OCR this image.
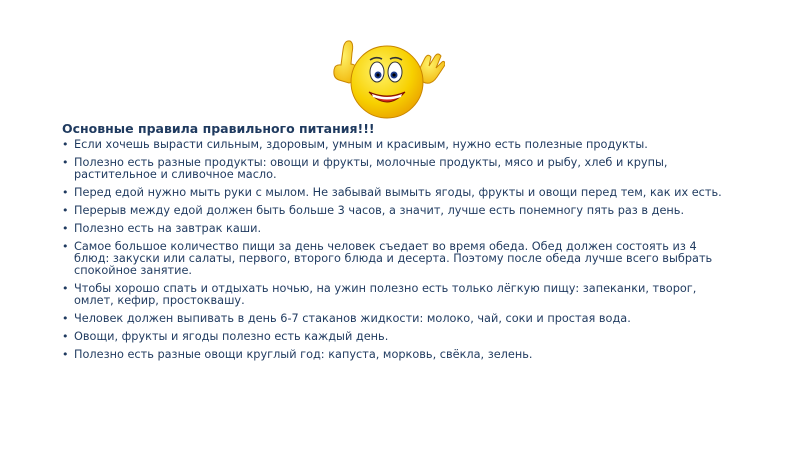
Основные правила правильного питания!!!
• Если хочешь вырасти сильным, здоровым, умным и красивым, нужно есть полезные продукты.
• Полезно есть разные продукты: овощи и фрукты, молочные продукты, мясо и рыбу, хлеб и крупы, растительное и сливочное масло.
• Перед едой нужно мыть руки с мылом. Не забывай вымыть ягоды, фрукты и овощи перед тем, как их есть.
• Перерыв между едой должен быть больше 3 часов, а значит, лучше есть понемногу пять раз в день.
• Полезно есть на завтрак каши.
• Самое большое количество пищи за день человек съедает во время обеда. Обед должен состоять из 4 блюд: закуски или салаты, первого, второго блюда и десерта. Поэтому после обеда лучше всего выбрать спокойное занятие.
• Чтобы хорошо спать и отдыхать ночью, на ужин полезно есть только лёгкую пищу: запеканки, творог, омлет, кефир, простоквашу.
• Человек должен выпивать в день 6-7 стаканов жидкости: молоко, чай, соки и простая вода.
• Овощи, фрукты и ягоды полезно есть каждый день.
• Полезно есть разные овощи круглый год: капуста, морковь, свёкла, зелень.
